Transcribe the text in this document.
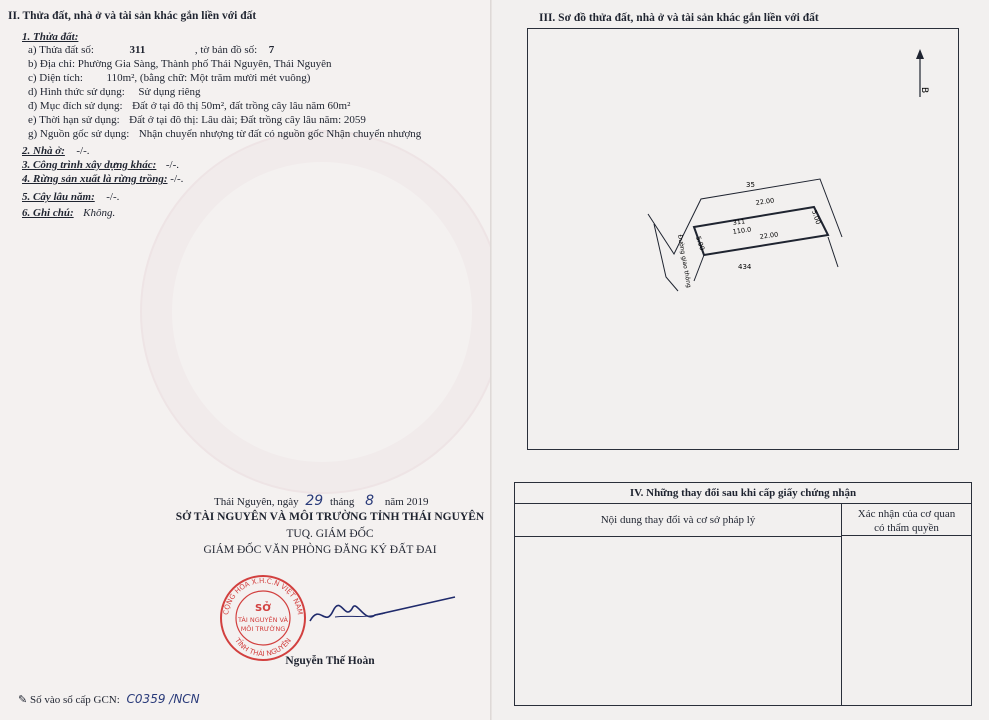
II. Thửa đất, nhà ở và tài sản khác gắn liền với đất
1. Thửa đất:
a) Thửa đất số:	311	, tờ bản đồ số: 7
b) Địa chỉ: Phường Gia Sàng, Thành phố Thái Nguyên, Thái Nguyên
c) Diện tích: 110m², (bằng chữ: Một trăm mười mét vuông)
d) Hình thức sử dụng: Sử dụng riêng
đ) Mục đích sử dụng: Đất ở tại đô thị 50m², đất trồng cây lâu năm 60m²
e) Thời hạn sử dụng: Đất ở tại đô thị: Lâu dài; Đất trồng cây lâu năm: 2059
g) Nguồn gốc sử dụng: Nhận chuyển nhượng từ đất có nguồn gốc Nhận chuyển nhượng
2. Nhà ở: -/-.
3. Công trình xây dựng khác: -/-.
4. Rừng sản xuất là rừng trồng: -/-.
5. Cây lâu năm: -/-.
6. Ghi chú: Không.
Thái Nguyên, ngày 29 tháng 8 năm 2019
SỞ TÀI NGUYÊN VÀ MÔI TRƯỜNG TỈNH THÁI NGUYÊN
TUQ. GIÁM ĐỐC
GIÁM ĐỐC VĂN PHÒNG ĐĂNG KÝ ĐẤT ĐAI
CỘNG HÒA X.H.C.N VIỆT NAM
TỈNH THÁI NGUYÊN
SỞ
TÀI NGUYÊN VÀ
MÔI TRƯỜNG
Nguyễn Thế Hoàn
✎ Số vào sổ cấp GCN: C0359 /NCN
III. Sơ đồ thửa đất, nhà ở và tài sản khác gắn liền với đất
B
35
22.00
311
110.0 22.00
5.00
5.00
Đường giao thông	434
IV. Những thay đổi sau khi cấp giấy chứng nhận
Nội dung thay đổi và cơ sở pháp lý	Xác nhận của cơ quan
có thẩm quyền
